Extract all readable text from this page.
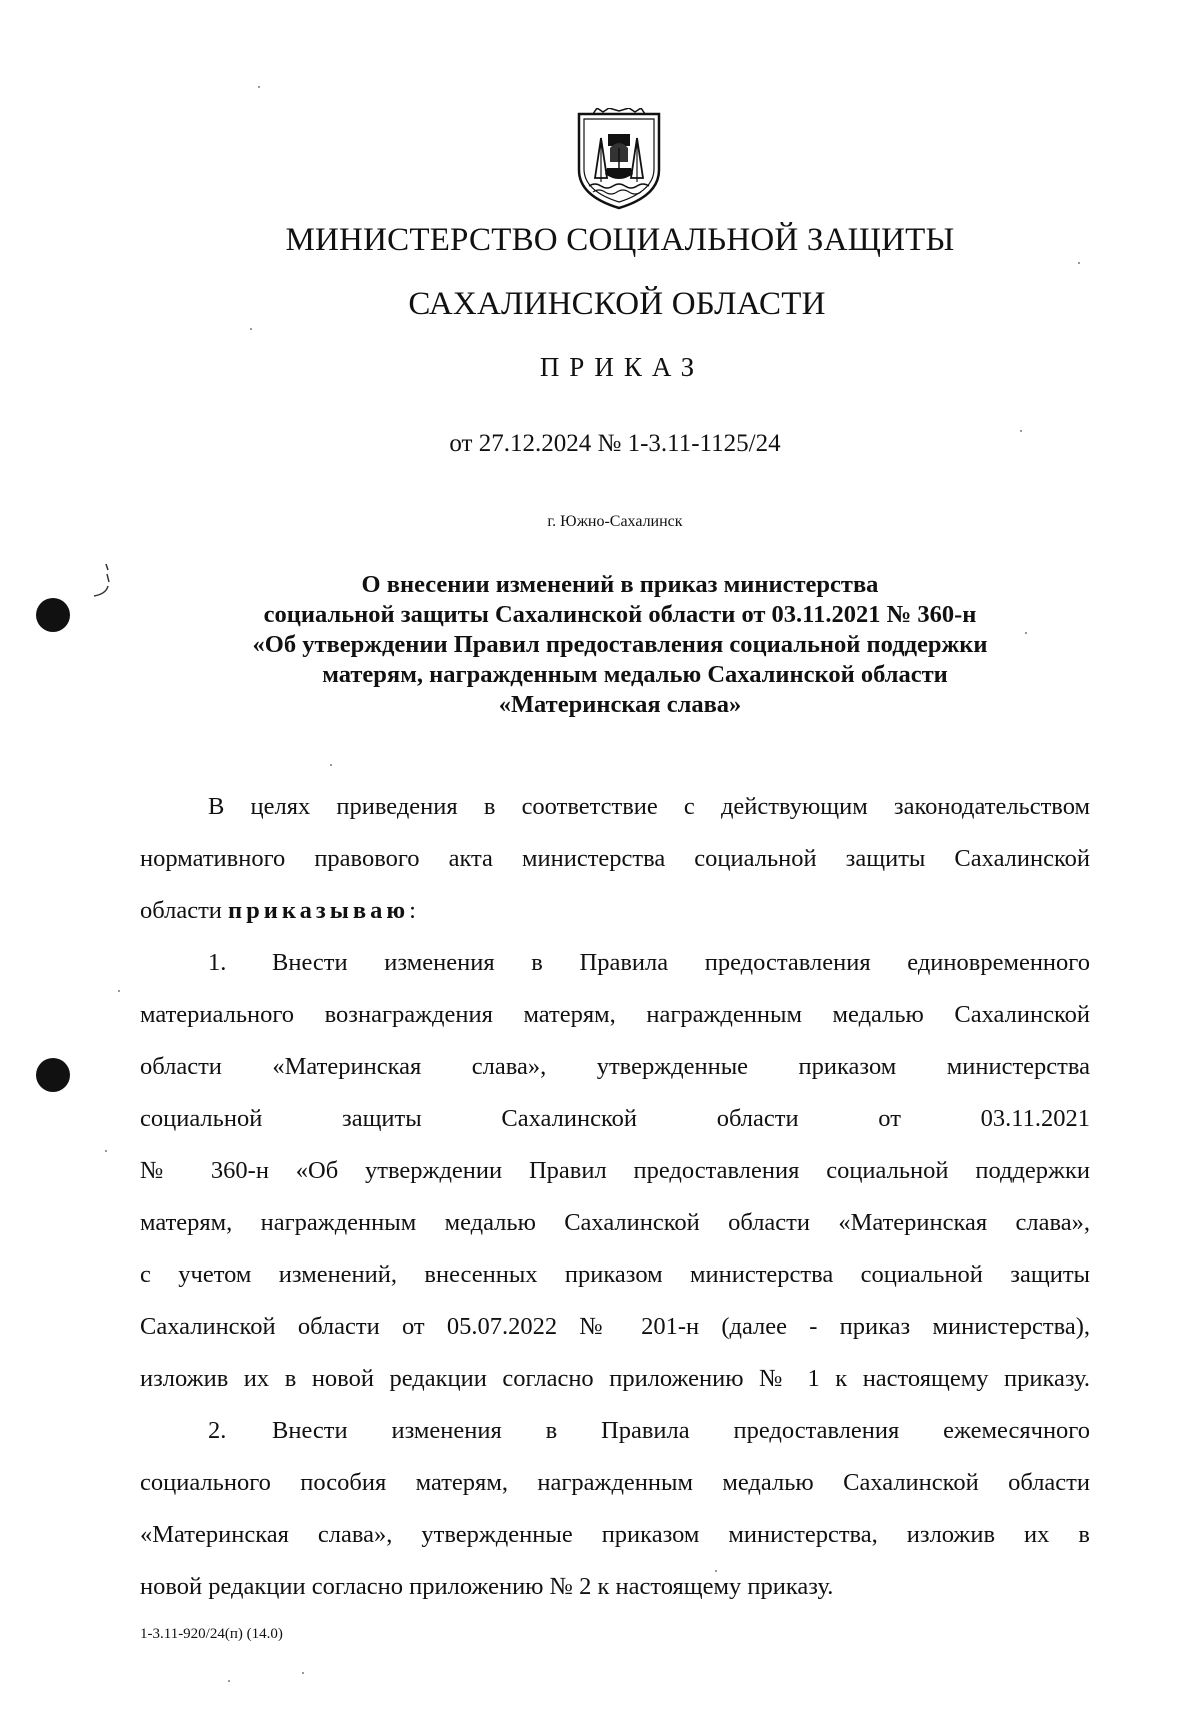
МИНИСТЕРСТВО СОЦИАЛЬНОЙ ЗАЩИТЫ
САХАЛИНСКОЙ ОБЛАСТИ
ПРИКАЗ
от 27.12.2024 № 1-3.11-1125/24
г. Южно-Сахалинск
О внесении изменений в приказ министерства
социальной защиты Сахалинской области от 03.11.2021 № 360-н
«Об утверждении Правил предоставления социальной поддержки
матерям, награжденным медалью Сахалинской области
«Материнская слава»
В целях приведения в соответствие с действующим законодательством
нормативного правового акта министерства социальной защиты Сахалинской
области приказываю:
1. Внести изменения в Правила предоставления единовременного
материального вознаграждения матерям, награжденным медалью Сахалинской
области «Материнская слава», утвержденные приказом министерства
социальной защиты Сахалинской области от 03.11.2021
№ 360-н «Об утверждении Правил предоставления социальной поддержки
матерям, награжденным медалью Сахалинской области «Материнская слава»,
с учетом изменений, внесенных приказом министерства социальной защиты
Сахалинской области от 05.07.2022 № 201-н (далее - приказ министерства),
изложив их в новой редакции согласно приложению № 1 к настоящему приказу.
2. Внести изменения в Правила предоставления ежемесячного
социального пособия матерям, награжденным медалью Сахалинской области
«Материнская слава», утвержденные приказом министерства, изложив их в
новой редакции согласно приложению № 2 к настоящему приказу.
1-3.11-920/24(п) (14.0)
